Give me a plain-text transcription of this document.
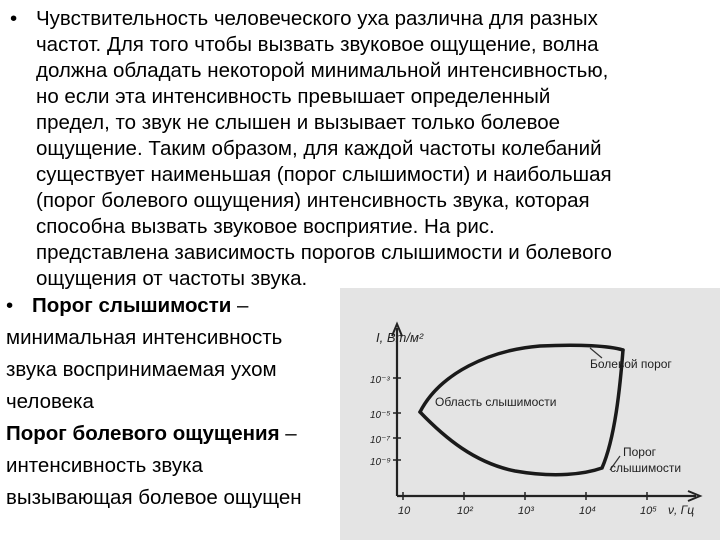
• Чувствительность человеческого уха различна для разных
частот. Для того чтобы вызвать звуковое ощущение, волна
должна обладать некоторой минимальной интенсивностью,
но если эта интенсивность превышает определенный
предел, то звук не слышен и вызывает только болевое
ощущение. Таким образом, для каждой частоты колебаний
существует наименьшая (порог слышимости) и наибольшая
(порог болевого ощущения) интенсивность звука, которая
способна вызвать звуковое восприятие. На рис.
представлена зависимость порогов слышимости и болевого
ощущения от частоты звука.
• Порог слышимости –
минимальная интенсивность
звука воспринимаемая ухом
человека
Порог болевого ощущения –
интенсивность звука
вызывающая болевое ощущен
I, Вт/м²
10⁻³
10⁻⁵
10⁻⁷
10⁻⁹
10	10²	10³	10⁴	10⁵ ν, Гц
Болевой порог
Область слышимости
Порог
слышимости
